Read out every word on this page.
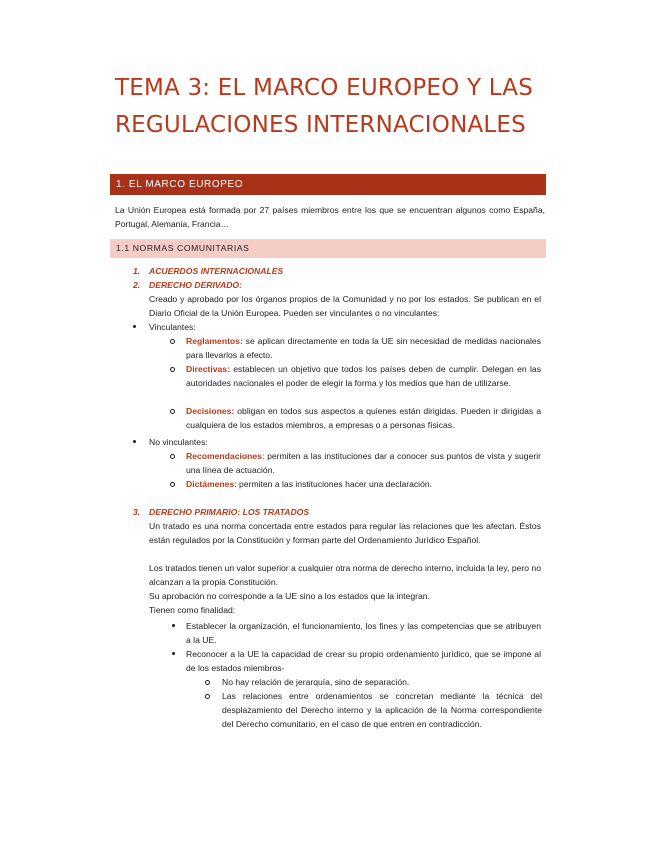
TEMA 3: EL MARCO EUROPEO Y LAS REGULACIONES INTERNACIONALES
1. EL MARCO EUROPEO
La Unión Europea está formada por 27 países miembros entre los que se encuentran algunos como España, Portugal, Alemania, Francia…
1.1 NORMAS COMUNITARIAS
1. ACUERDOS INTERNACIONALES
2. DERECHO DERIVADO:
Creado y aprobado por los órganos propios de la Comunidad y no por los estados. Se publican en el Diario Oficial de la Unión Europea. Pueden ser vinculantes o no vinculantes:
Vinculantes:
Reglamentos: se aplican directamente en toda la UE sin necesidad de medidas nacionales para llevarlos a efecto.
Directivas: establecen un objetivo que todos los países deben de cumplir. Delegan en las autoridades nacionales el poder de elegir la forma y los medios que han de utilizarse.
Decisiones: obligan en todos sus aspectos a quienes están dirigidas. Pueden ir dirigidas a cualquiera de los estados miembros, a empresas o a personas físicas.
No vinculantes:
Recomendaciones: permiten a las instituciones dar a conocer sus puntos de vista y sugerir una línea de actuación.
Dictámenes: permiten a las instituciones hacer una declaración.
3. DERECHO PRIMARIO: LOS TRATADOS
Un tratado es una norma concertada entre estados para regular las relaciones que les afectan. Éstos están regulados por la Constitución y forman parte del Ordenamiento Jurídico Español.
Los tratados tienen un valor superior a cualquier otra norma de derecho interno, incluida la ley, pero no alcanzan a la propia Constitución.
Su aprobación no corresponde a la UE sino a los estados que la integran.
Tienen como finalidad:
Establecer la organización, el funcionamiento, los fines y las competencias que se atribuyen a la UE.
Reconocer a la UE la capacidad de crear su propio ordenamiento jurídico, que se impone al de los estados miembros-
No hay relación de jerarquía, sino de separación.
Las relaciones entre ordenamientos se concretan mediante la técnica del desplazamiento del Derecho interno y la aplicación de la Norma correspondiente del Derecho comunitario, en el caso de que entren en contradicción.
